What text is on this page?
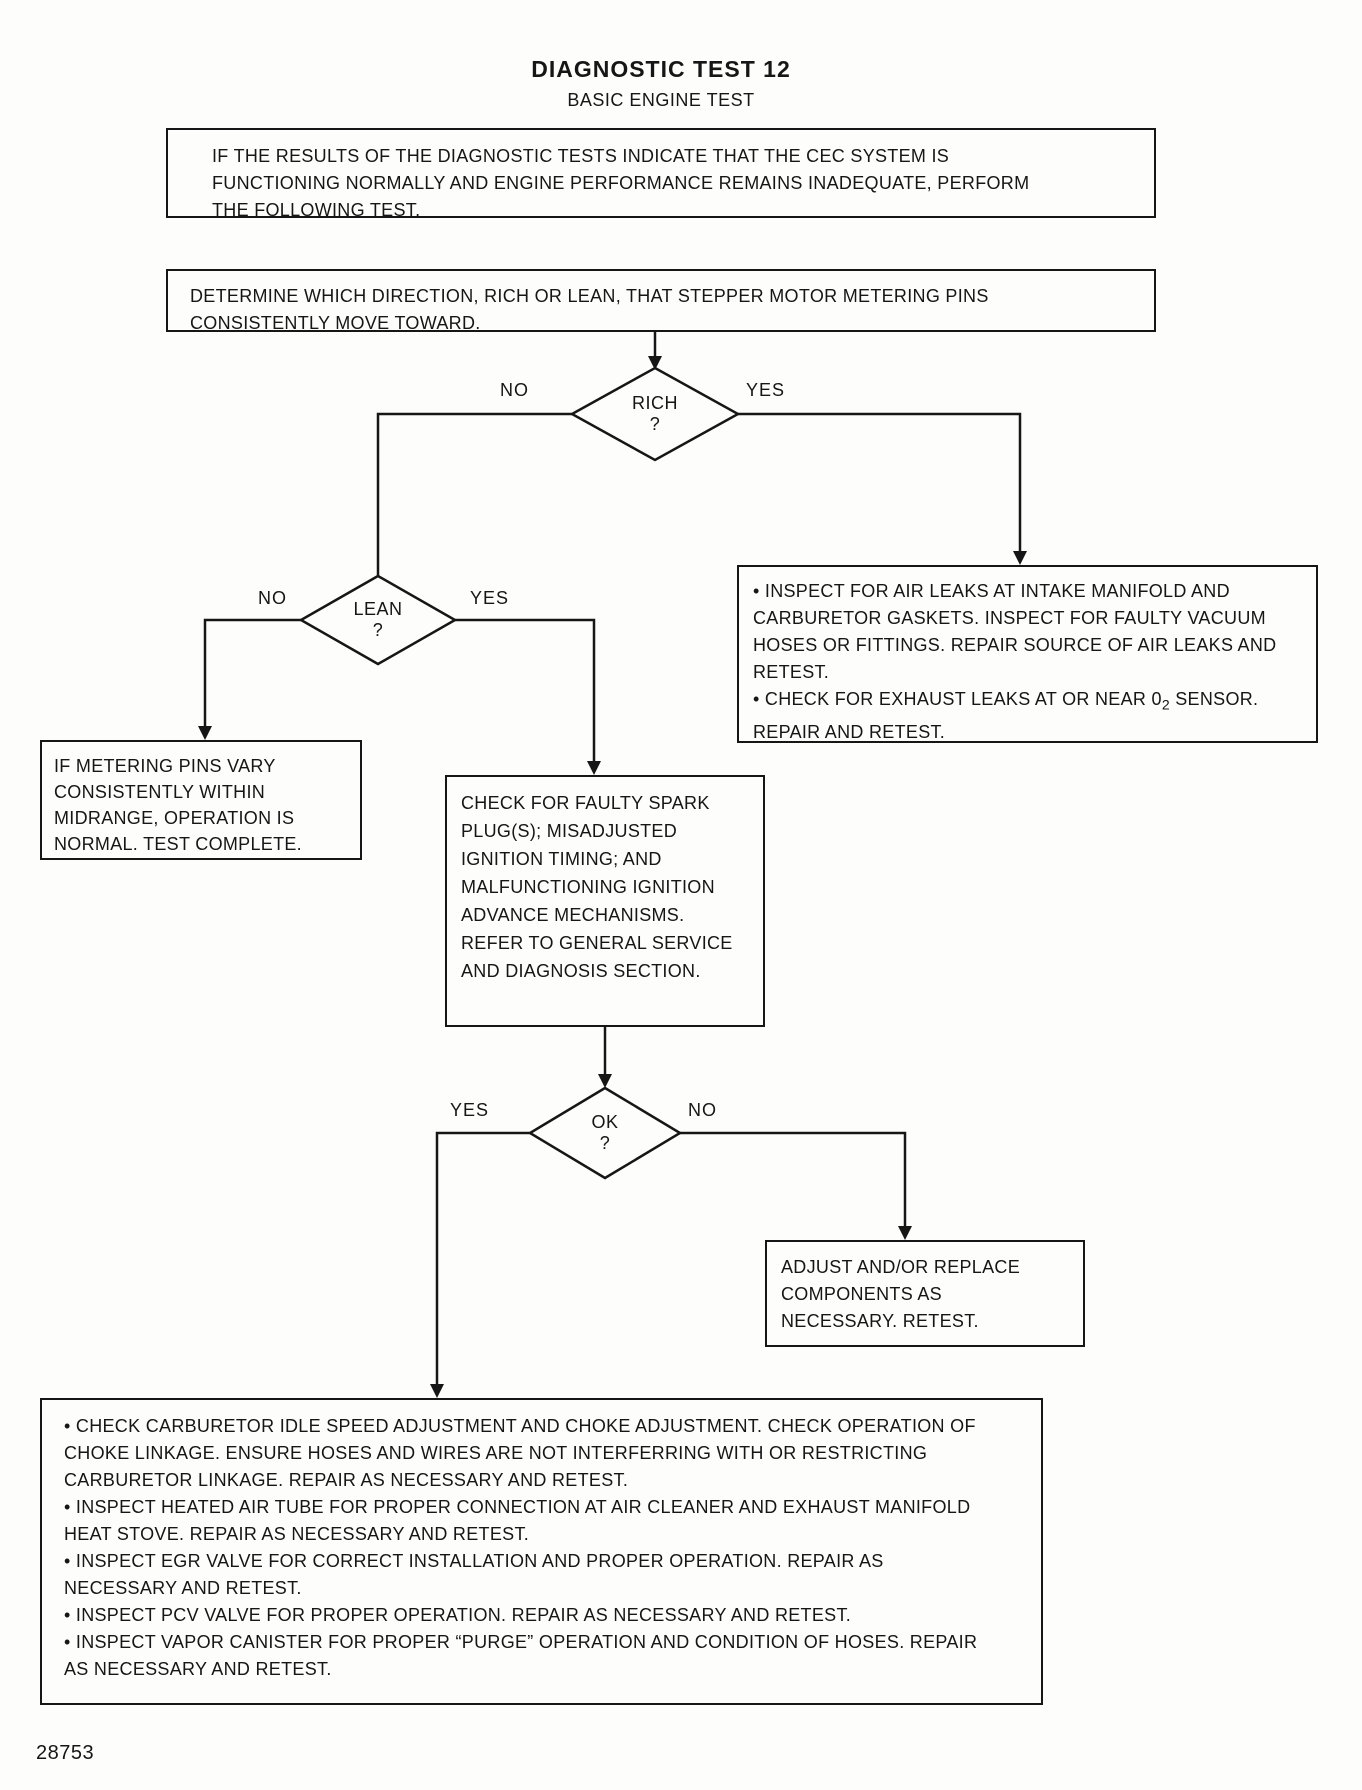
DIAGNOSTIC TEST 12
BASIC ENGINE TEST
IF THE RESULTS OF THE DIAGNOSTIC TESTS INDICATE THAT THE CEC SYSTEM IS FUNCTIONING NORMALLY AND ENGINE PERFORMANCE REMAINS INADEQUATE, PERFORM THE FOLLOWING TEST.
DETERMINE WHICH DIRECTION, RICH OR LEAN, THAT STEPPER MOTOR METERING PINS CONSISTENTLY MOVE TOWARD.
• INSPECT FOR AIR LEAKS AT INTAKE MANIFOLD AND CARBURETOR GASKETS. INSPECT FOR FAULTY VACUUM HOSES OR FITTINGS. REPAIR SOURCE OF AIR LEAKS AND RETEST.
• CHECK FOR EXHAUST LEAKS AT OR NEAR $0_2$ SENSOR. REPAIR AND RETEST.
IF METERING PINS VARY CONSISTENTLY WITHIN MIDRANGE, OPERATION IS NORMAL. TEST COMPLETE.
CHECK FOR FAULTY SPARK PLUG(S); MISADJUSTED IGNITION TIMING; AND MALFUNCTIONING IGNITION ADVANCE MECHANISMS. REFER TO GENERAL SERVICE AND DIAGNOSIS SECTION.
ADJUST AND/OR REPLACE COMPONENTS AS NECESSARY. RETEST.
• CHECK CARBURETOR IDLE SPEED ADJUSTMENT AND CHOKE ADJUSTMENT. CHECK OPERATION OF CHOKE LINKAGE. ENSURE HOSES AND WIRES ARE NOT INTERFERRING WITH OR RESTRICTING CARBURETOR LINKAGE. REPAIR AS NECESSARY AND RETEST.
• INSPECT HEATED AIR TUBE FOR PROPER CONNECTION AT AIR CLEANER AND EXHAUST MANIFOLD HEAT STOVE. REPAIR AS NECESSARY AND RETEST.
• INSPECT EGR VALVE FOR CORRECT INSTALLATION AND PROPER OPERATION. REPAIR AS NECESSARY AND RETEST.
• INSPECT PCV VALVE FOR PROPER OPERATION. REPAIR AS NECESSARY AND RETEST.
• INSPECT VAPOR CANISTER FOR PROPER “PURGE” OPERATION AND CONDITION OF HOSES. REPAIR AS NECESSARY AND RETEST.
RICH
?
LEAN
?
OK
?
NO	YES
NO	YES
YES	NO
28753
